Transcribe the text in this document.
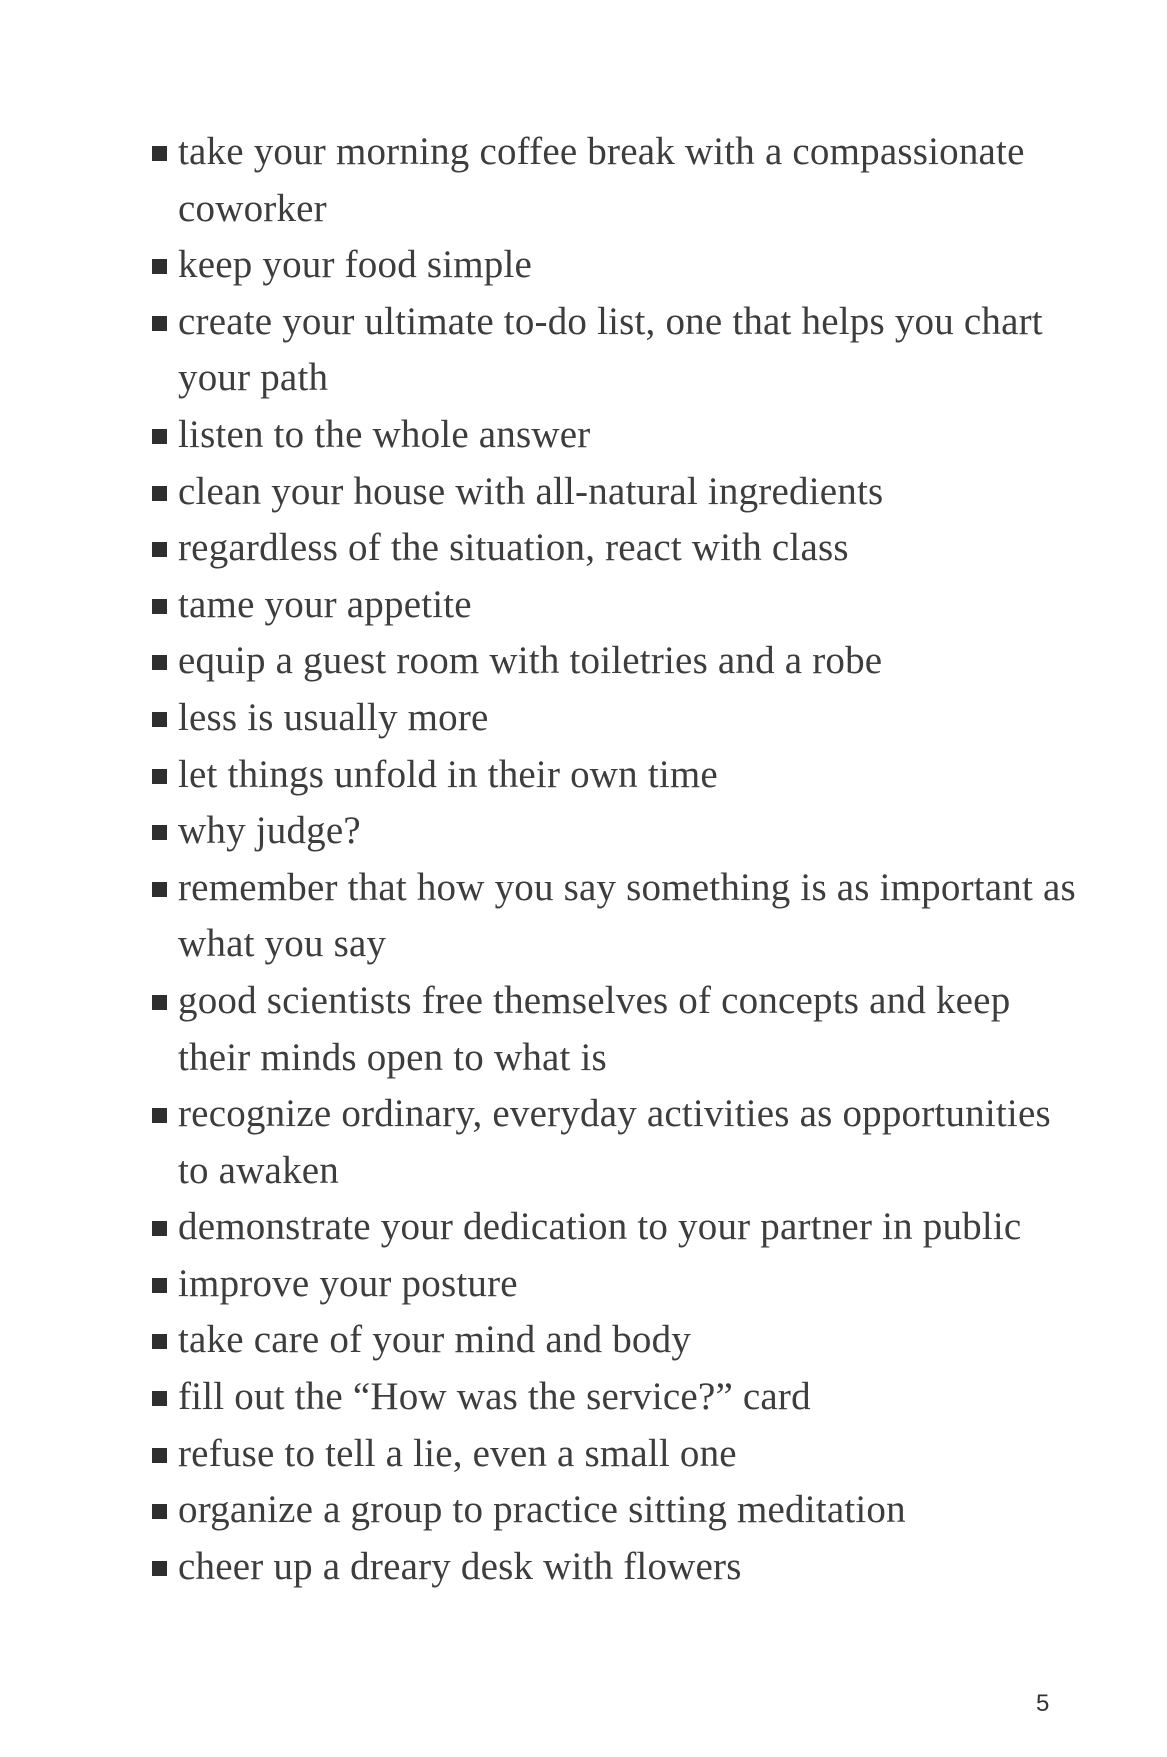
take your morning coffee break with a compassionate coworker
keep your food simple
create your ultimate to-do list, one that helps you chart your path
listen to the whole answer
clean your house with all-natural ingredients
regardless of the situation, react with class
tame your appetite
equip a guest room with toiletries and a robe
less is usually more
let things unfold in their own time
why judge?
remember that how you say something is as important as what you say
good scientists free themselves of concepts and keep their minds open to what is
recognize ordinary, everyday activities as opportunities to awaken
demonstrate your dedication to your partner in public
improve your posture
take care of your mind and body
fill out the “How was the service?” card
refuse to tell a lie, even a small one
organize a group to practice sitting meditation
cheer up a dreary desk with flowers
5
